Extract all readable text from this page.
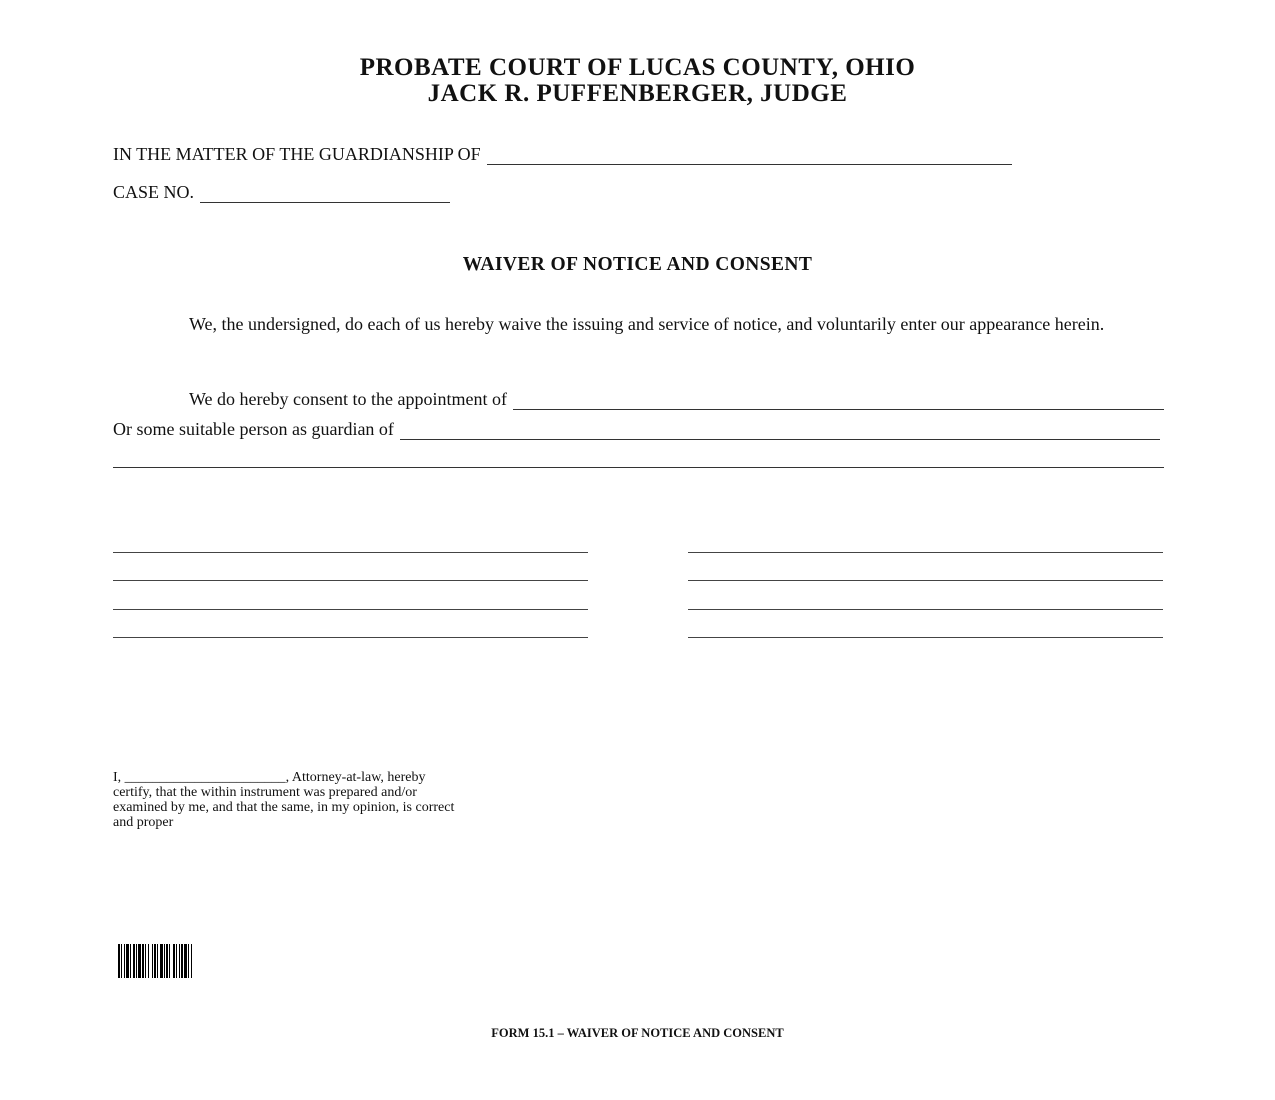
PROBATE COURT OF LUCAS COUNTY, OHIO
JACK R. PUFFENBERGER, JUDGE
IN THE MATTER OF THE GUARDIANSHIP OF
CASE NO.
WAIVER OF NOTICE AND CONSENT
We, the undersigned, do each of us hereby waive the issuing and service of notice, and voluntarily enter our appearance herein.
We do hereby consent to the appointment of
Or some suitable person as guardian of
I, _______________________, Attorney-at-law, hereby certify, that the within instrument was prepared and/or examined by me, and that the same, in my opinion, is correct and proper
FORM 15.1 – WAIVER OF NOTICE AND CONSENT
